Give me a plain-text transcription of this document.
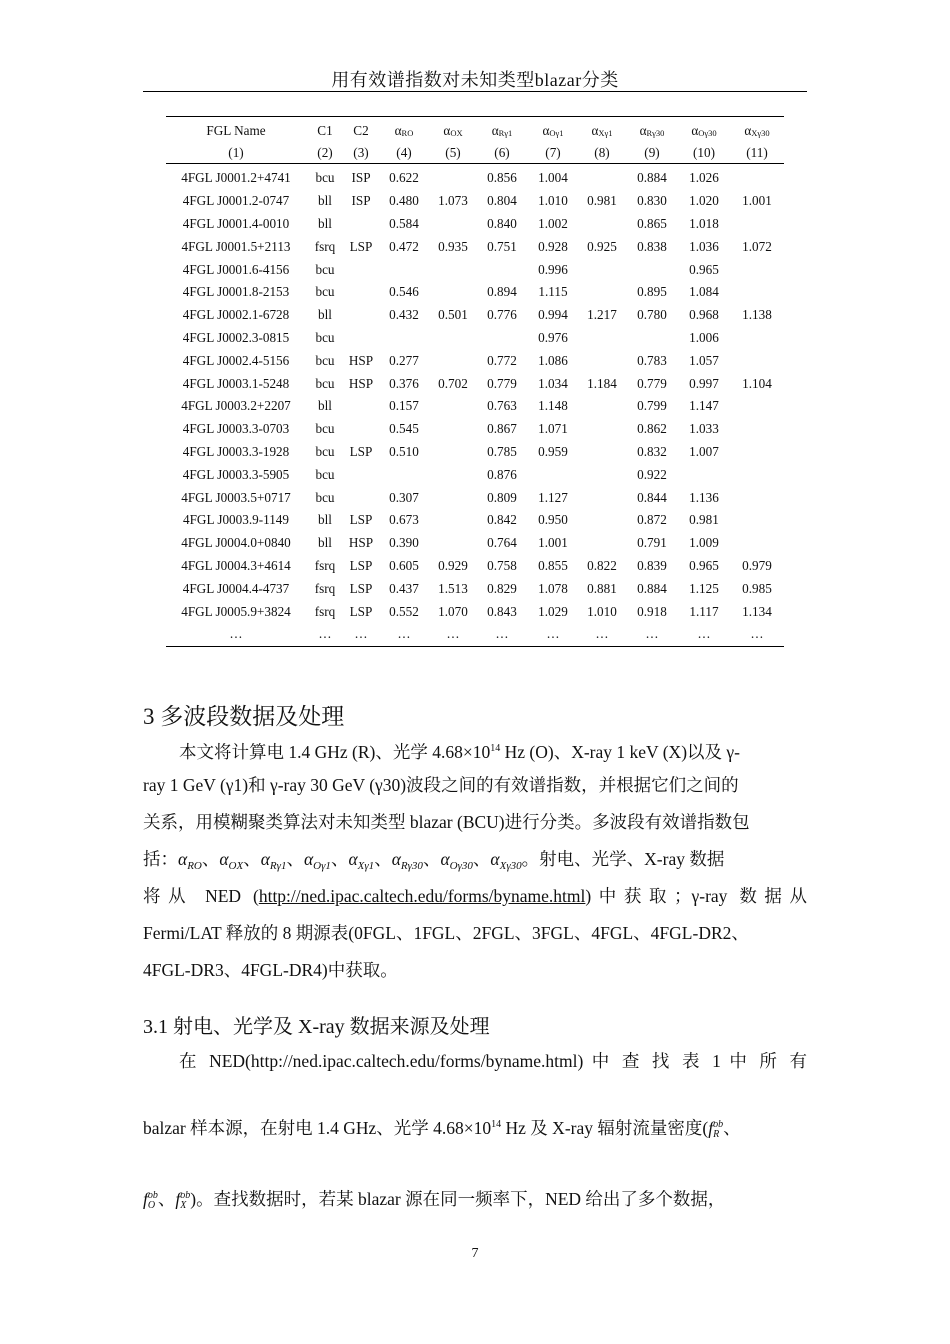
用有效谱指数对未知类型blazar分类
FGL Name	C1	C2	αRO	αOX	αRγ1	αOγ1	αXγ1	αRγ30	αOγ30	αXγ30
(1)	(2)	(3)	(4)	(5)	(6)	(7)	(8)	(9)	(10)	(11)
4FGL J0001.2+4741	bcu	ISP	0.622		0.856	1.004		0.884	1.026	
4FGL J0001.2-0747	bll	ISP	0.480	1.073	0.804	1.010	0.981	0.830	1.020	1.001
4FGL J0001.4-0010	bll		0.584		0.840	1.002		0.865	1.018	
4FGL J0001.5+2113	fsrq	LSP	0.472	0.935	0.751	0.928	0.925	0.838	1.036	1.072
4FGL J0001.6-4156	bcu					0.996			0.965	
4FGL J0001.8-2153	bcu		0.546		0.894	1.115		0.895	1.084	
4FGL J0002.1-6728	bll		0.432	0.501	0.776	0.994	1.217	0.780	0.968	1.138
4FGL J0002.3-0815	bcu					0.976			1.006	
4FGL J0002.4-5156	bcu	HSP	0.277		0.772	1.086		0.783	1.057	
4FGL J0003.1-5248	bcu	HSP	0.376	0.702	0.779	1.034	1.184	0.779	0.997	1.104
4FGL J0003.2+2207	bll		0.157		0.763	1.148		0.799	1.147	
4FGL J0003.3-0703	bcu		0.545		0.867	1.071		0.862	1.033	
4FGL J0003.3-1928	bcu	LSP	0.510		0.785	0.959		0.832	1.007	
4FGL J0003.3-5905	bcu				0.876			0.922		
4FGL J0003.5+0717	bcu		0.307		0.809	1.127		0.844	1.136	
4FGL J0003.9-1149	bll	LSP	0.673		0.842	0.950		0.872	0.981	
4FGL J0004.0+0840	bll	HSP	0.390		0.764	1.001		0.791	1.009	
4FGL J0004.3+4614	fsrq	LSP	0.605	0.929	0.758	0.855	0.822	0.839	0.965	0.979
4FGL J0004.4-4737	fsrq	LSP	0.437	1.513	0.829	1.078	0.881	0.884	1.125	0.985
4FGL J0005.9+3824	fsrq	LSP	0.552	1.070	0.843	1.029	1.010	0.918	1.117	1.134
…	…	…	…	…	…	…	…	…	…	…
3 多波段数据及处理
本文将计算电 1.4 GHz (R)、光学 $4.68\times 10^{14}$ Hz (O)、X-ray 1 keV (X)以及 γ-
ray 1 GeV (γ1)和 γ-ray 30 GeV (γ30)波段之间的有效谱指数，并根据它们之间的
关系，用模糊聚类算法对未知类型 blazar (BCU)进行分类。多波段有效谱指数包
括：$\alpha_{RO}$、$\alpha_{OX}$、$\alpha_{R\gamma 1}$、$\alpha_{O\gamma 1}$、$\alpha_{X\gamma 1}$、$\alpha_{R\gamma 30}$、$\alpha_{O\gamma 30}$、$\alpha_{X\gamma 30}$。射电、光学、X-ray 数据
将从 NED (http://ned.ipac.caltech.edu/forms/byname.html)中获取；γ-ray 数据从
Fermi/LAT 释放的 8 期源表(0FGL、1FGL、2FGL、3FGL、4FGL、4FGL-DR2、
4FGL-DR3、4FGL-DR4)中获取。
3.1 射电、光学及 X-ray 数据来源及处理
在 NED(http://ned.ipac.caltech.edu/forms/byname.html) 中 查 找 表 1 中 所 有
balzar 样本源，在射电 1.4 GHz、光学 $4.68\times 10^{14}$ Hz 及 X-ray 辐射流量密度(f ob
R 、
f ob
O 、f ob
X )。查找数据时，若某 blazar 源在同一频率下，NED 给出了多个数据，
7
